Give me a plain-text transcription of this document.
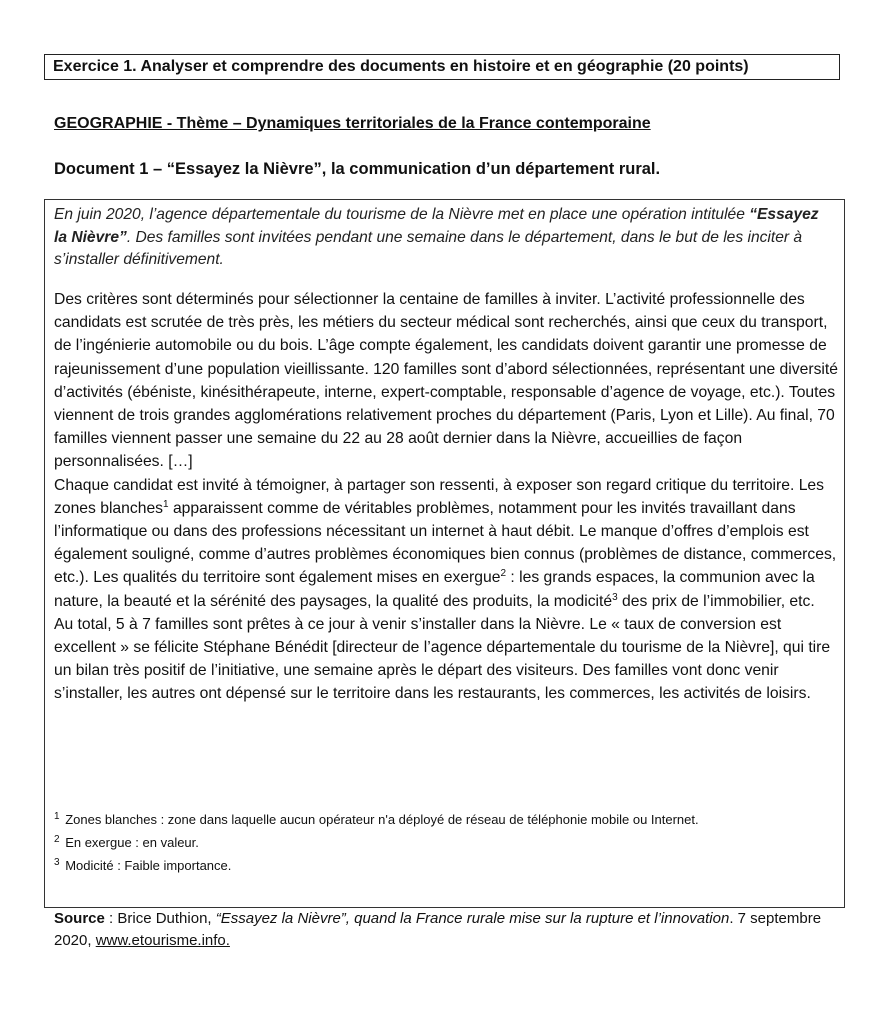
Exercice 1. Analyser et comprendre des documents en histoire et en géographie (20 points)
GEOGRAPHIE - Thème – Dynamiques territoriales de la France contemporaine
Document 1 – “Essayez la Nièvre”, la communication d’un département rural.

En juin 2020, l’agence départementale du tourisme de la Nièvre met en place une opération intitulée “Essayez la Nièvre”. Des familles sont invitées pendant une semaine dans le département, dans le but de les inciter à s’installer définitivement.

Des critères sont déterminés pour sélectionner la centaine de familles à inviter. L’activité professionnelle des candidats est scrutée de très près, les métiers du secteur médical sont recherchés, ainsi que ceux du transport, de l’ingénierie automobile ou du bois. L’âge compte également, les candidats doivent garantir une promesse de rajeunissement d’une population vieillissante. 120 familles sont d’abord sélectionnées, représentant une diversité d’activités (ébéniste, kinésithérapeute, interne, expert-comptable, responsable d’agence de voyage, etc.). Toutes viennent de trois grandes agglomérations relativement proches du département (Paris, Lyon et Lille). Au final, 70 familles viennent passer une semaine du 22 au 28 août dernier dans la Nièvre, accueillies de façon personnalisées. […]

Chaque candidat est invité à témoigner, à partager son ressenti, à exposer son regard critique du territoire. Les zones blanches$^1$ apparaissent comme de véritables problèmes, notamment pour les invités travaillant dans l’informatique ou dans des professions nécessitant un internet à haut débit. Le manque d’offres d’emplois est également souligné, comme d’autres problèmes économiques bien connus (problèmes de distance, commerces, etc.). Les qualités du territoire sont également mises en exergue$^2$ : les grands espaces, la communion avec la nature, la beauté et la sérénité des paysages, la qualité des produits, la modicité$^3$ des prix de l’immobilier, etc.

Au total, 5 à 7 familles sont prêtes à ce jour à venir s’installer dans la Nièvre. Le « taux de conversion est excellent » se félicite Stéphane Bénédit [directeur de l’agence départementale du tourisme de la Nièvre], qui tire un bilan très positif de l’initiative, une semaine après le départ des visiteurs. Des familles vont donc venir s’installer, les autres ont dépensé sur le territoire dans les restaurants, les commerces, les activités de loisirs.

$^1$ Zones blanches : zone dans laquelle aucun opérateur n'a déployé de réseau de téléphonie mobile ou Internet.
$^2$ En exergue : en valeur.
$^3$ Modicité : Faible importance.

Source : Brice Duthion, “Essayez la Nièvre”, quand la France rurale mise sur la rupture et l’innovation. 7 septembre 2020, www.etourisme.info.
